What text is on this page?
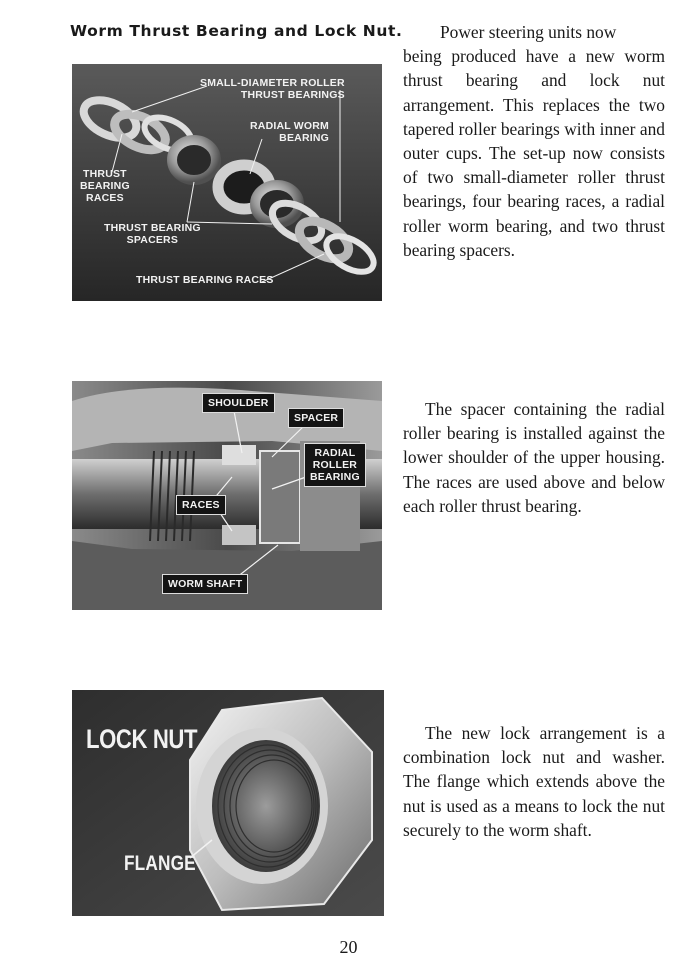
Worm Thrust Bearing and Lock Nut. Power steering units now
being produced have a new worm thrust bearing and lock nut arrangement. This replaces the two tapered roller bearings with inner and outer cups. The set-up now consists of two small-diameter roller thrust bearings, four bearing races, a radial roller worm bearing, and two thrust bearing spacers.
SMALL-DIAMETER ROLLER
THRUST BEARINGS
RADIAL WORM
BEARING
THRUST
BEARING
RACES
THRUST BEARING
SPACERS
THRUST BEARING RACES
The spacer containing the radial roller bearing is installed against the lower shoulder of the upper housing. The races are used above and below each roller thrust bearing.
SHOULDER
SPACER
RADIAL
ROLLER
BEARING
RACES
WORM SHAFT
The new lock arrangement is a combination lock nut and washer. The flange which extends above the nut is used as a means to lock the nut securely to the worm shaft.
LOCK NUT
FLANGE
20
